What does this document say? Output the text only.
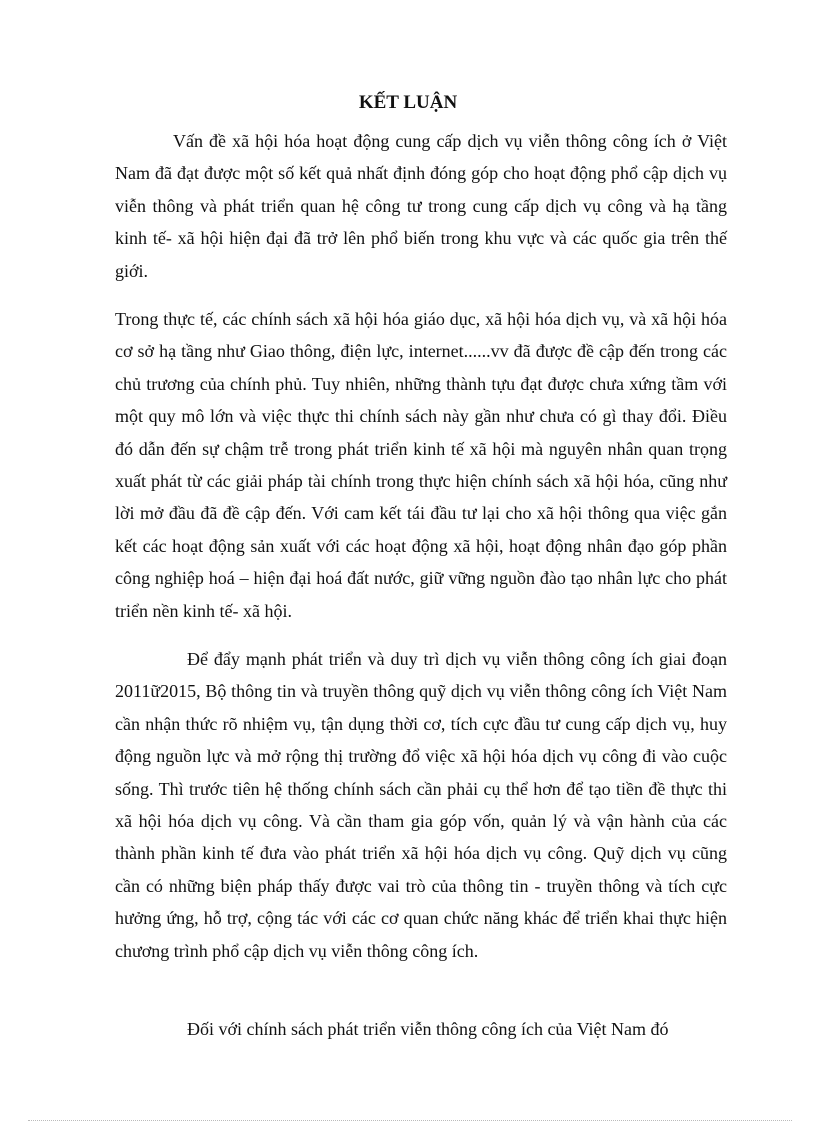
KẾT LUẬN

Vấn đề xã hội hóa hoạt động cung cấp dịch vụ viễn thông công ích ở Việt Nam đã đạt được một số kết quả nhất định đóng góp cho hoạt động phổ cập dịch vụ viễn thông và phát triển quan hệ công tư trong cung cấp dịch vụ công và hạ tầng kinh tế- xã hội hiện đại đã trở lên phổ biến trong khu vực và các quốc gia trên thế giới.

Trong thực tế, các chính sách xã hội hóa giáo dục, xã hội hóa dịch vụ, và xã hội hóa cơ sở hạ tầng như Giao thông, điện lực, internet......vv đã được đề cập đến trong các chủ trương của chính phủ. Tuy nhiên, những thành tựu đạt được chưa xứng tầm với một quy mô lớn và việc thực thi chính sách này gần như chưa có gì thay đổi. Điều đó dẫn đến sự chậm trễ trong phát triển kinh tế xã hội mà nguyên nhân quan trọng xuất phát từ các giải pháp tài chính trong thực hiện chính sách xã hội hóa, cũng như lời mở đầu đã đề cập đến. Với cam kết tái đầu tư lại cho xã hội thông qua việc gắn kết các hoạt động sản xuất với các hoạt động xã hội, hoạt động nhân đạo góp phần công nghiệp hoá – hiện đại hoá đất nước, giữ vững nguồn đào tạo nhân lực cho phát triển nền kinh tế- xã hội.

Để đẩy mạnh phát triển và duy trì dịch vụ viễn thông công ích giai đoạn 2011ữ2015, Bộ thông tin và truyền thông quỹ dịch vụ viễn thông công ích Việt Nam cần nhận thức rõ nhiệm vụ, tận dụng thời cơ, tích cực đầu tư cung cấp dịch vụ, huy động nguồn lực và mở rộng thị trường đổ việc xã hội hóa dịch vụ công đi vào cuộc sống. Thì trước tiên hệ thống chính sách cần phải cụ thể hơn để tạo tiền đề thực thi xã hội hóa dịch vụ công. Và cần tham gia góp vốn, quản lý và vận hành của các thành phần kinh tế đưa vào phát triển xã hội hóa dịch vụ công. Quỹ dịch vụ cũng cần có những biện pháp thấy được vai trò của thông tin - truyền thông và tích cực hưởng ứng, hỗ trợ, cộng tác với các cơ quan chức năng khác để triển khai thực hiện chương trình phổ cập dịch vụ viễn thông công ích.

Đối với chính sách phát triển viễn thông công ích của Việt Nam đó
